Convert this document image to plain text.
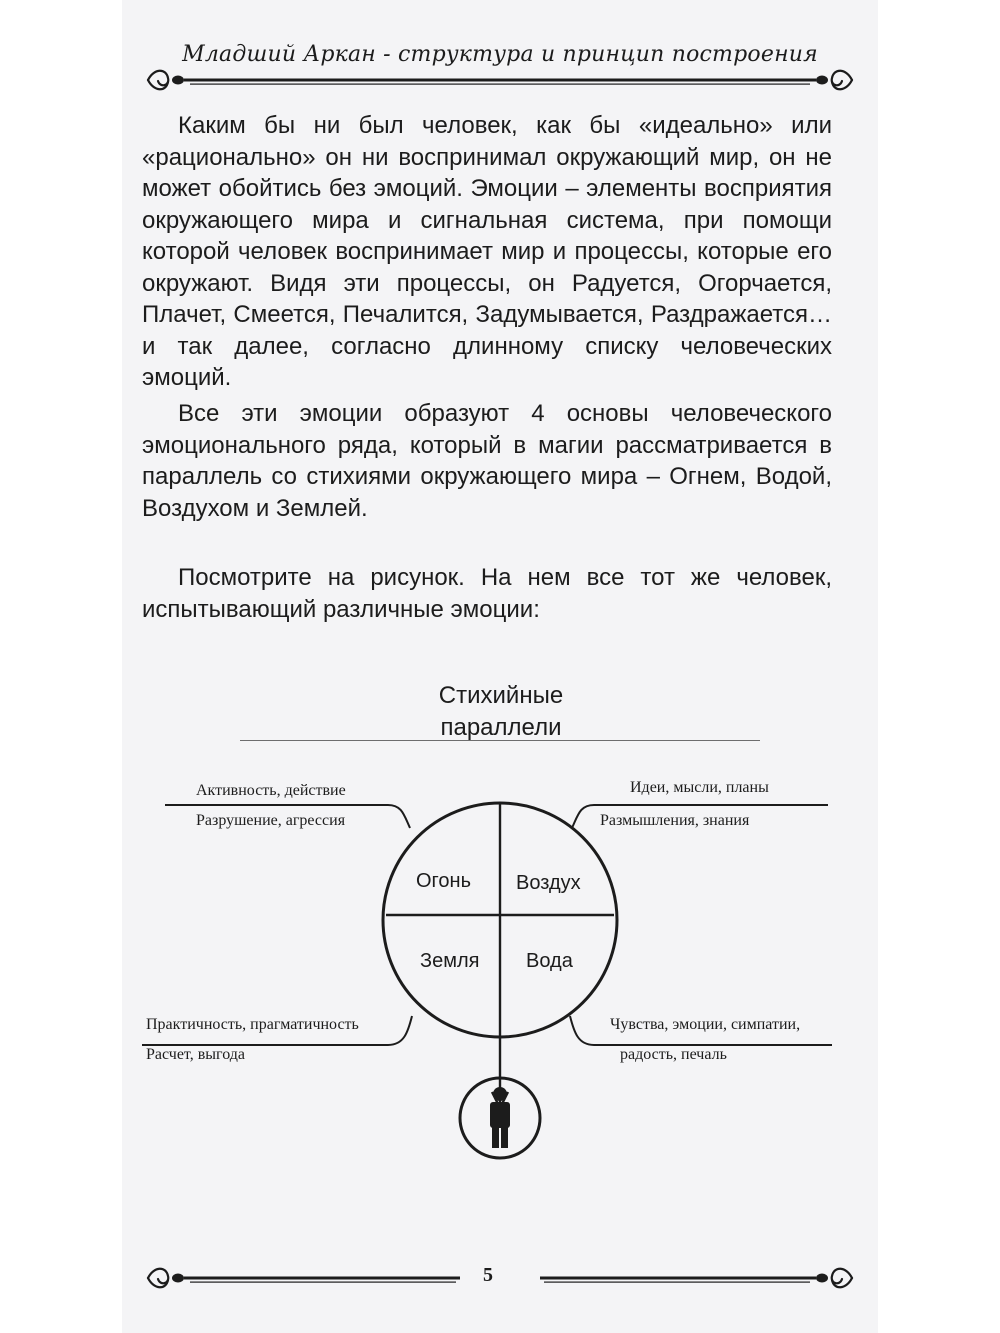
Младший Аркан - структура и принцип построения

Каким бы ни был человек, как бы «идеально» или «рационально» он ни воспринимал окружающий мир, он не может обойтись без эмоций. Эмоции – элементы восприятия окружающего мира и сигнальная система, при помощи которой человек воспринимает мир и процессы, которые его окружают. Видя эти процессы, он Радуется, Огорчается, Плачет, Смеется, Печалится, Задумывается, Раздражается… и так далее, согласно длинному списку человеческих эмоций.

Все эти эмоции образуют 4 основы человеческого эмоционального ряда, который в магии рассматривается в параллель со стихиями окружающего мира – Огнем, Водой, Воздухом и Землей.

Посмотрите на рисунок. На нем все тот же человек, испытывающий различные эмоции:

Стихийные
параллели
Огонь Воздух
Земля Вода
Активность, действие
Разрушение, агрессия
Идеи, мысли, планы
Размышления, знания
Практичность, прагматичность
Расчет, выгода
Чувства, эмоции, симпатии,
радость, печаль
5
